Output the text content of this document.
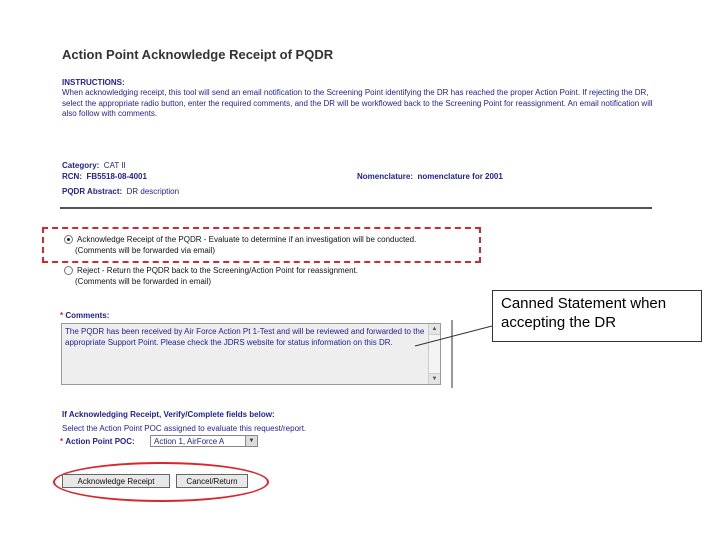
Action Point Acknowledge Receipt of PQDR
INSTRUCTIONS:
When acknowledging receipt, this tool will send an email notification to the Screening Point identifying the DR has reached the proper Action Point. If rejecting the DR, select the appropriate radio button, enter the required comments, and the DR will be workflowed back to the Screening Point for reassignment. An email notification will also follow with comments.
Category: CAT II
RCN: FB5518-08-4001	Nomenclature: nomenclature for 2001
PQDR Abstract: DR description
Acknowledge Receipt of the PQDR - Evaluate to determine if an investigation will be conducted.
(Comments will be forwarded via email)
Reject - Return the PQDR back to the Screening/Action Point for reassignment.
(Comments will be forwarded in email)
* Comments:
The PQDR has been received by Air Force Action Pt 1-Test and will be reviewed and forwarded to the appropriate Support Point. Please check the JDRS website for status information on this DR.
▲
▼
Canned Statement when accepting the DR
If Acknowledging Receipt, Verify/Complete fields below:
Select the Action Point POC assigned to evaluate this request/report.
* Action Point POC:	Action 1, AirForce A	▼
Acknowledge Receipt	Cancel/Return
